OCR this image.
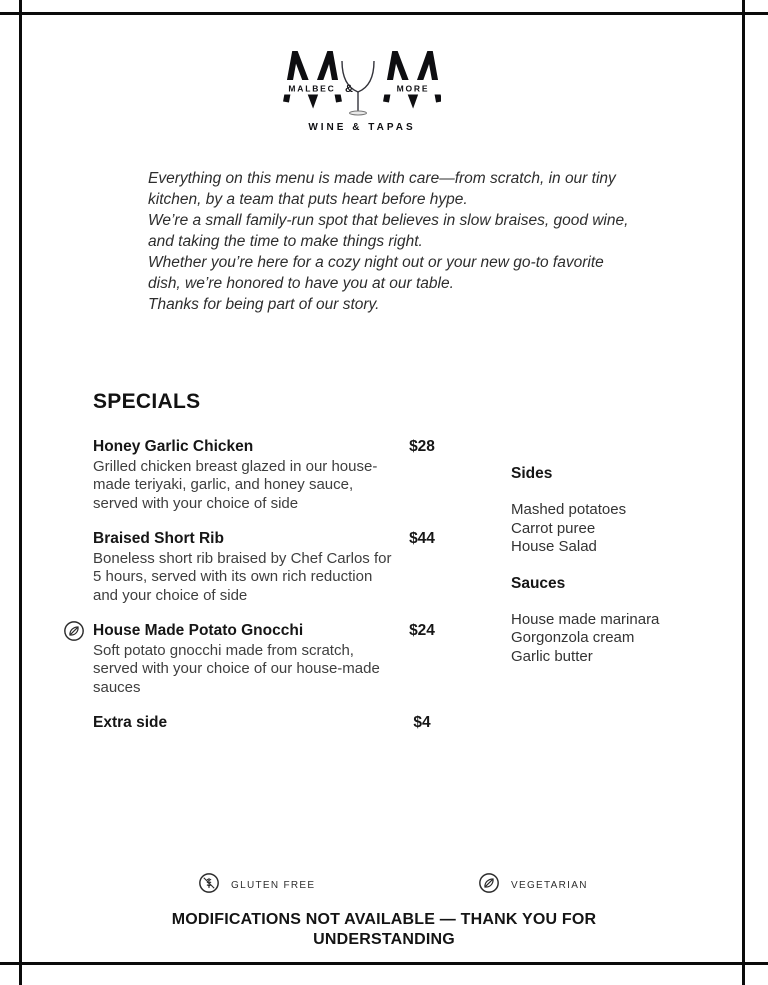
MALBEC &	MORE
WINE & TAPAS

Everything on this menu is made with care—from scratch, in our tiny kitchen, by a team that puts heart before hype.

We’re a small family-run spot that believes in slow braises, good wine, and taking the time to make things right.

Whether you’re here for a cozy night out or your new go-to favorite dish, we’re honored to have you at our table.

Thanks for being part of our story.

SPECIALS
Honey Garlic Chicken	$28
Grilled chicken breast glazed in our house-made teriyaki, garlic, and honey sauce, served with your choice of side
Braised Short Rib	$44
Boneless short rib braised by Chef Carlos for 5 hours, served with its own rich reduction and your choice of side
House Made Potato Gnocchi	$24
Soft potato gnocchi made from scratch, served with your choice of our house-made sauces
Extra side	$4
Sides
Mashed potatoes
Carrot puree
House Salad
Sauces
House made marinara
Gorgonzola cream
Garlic butter
GLUTEN FREE	VEGETARIAN
MODIFICATIONS NOT AVAILABLE — THANK YOU FOR UNDERSTANDING
